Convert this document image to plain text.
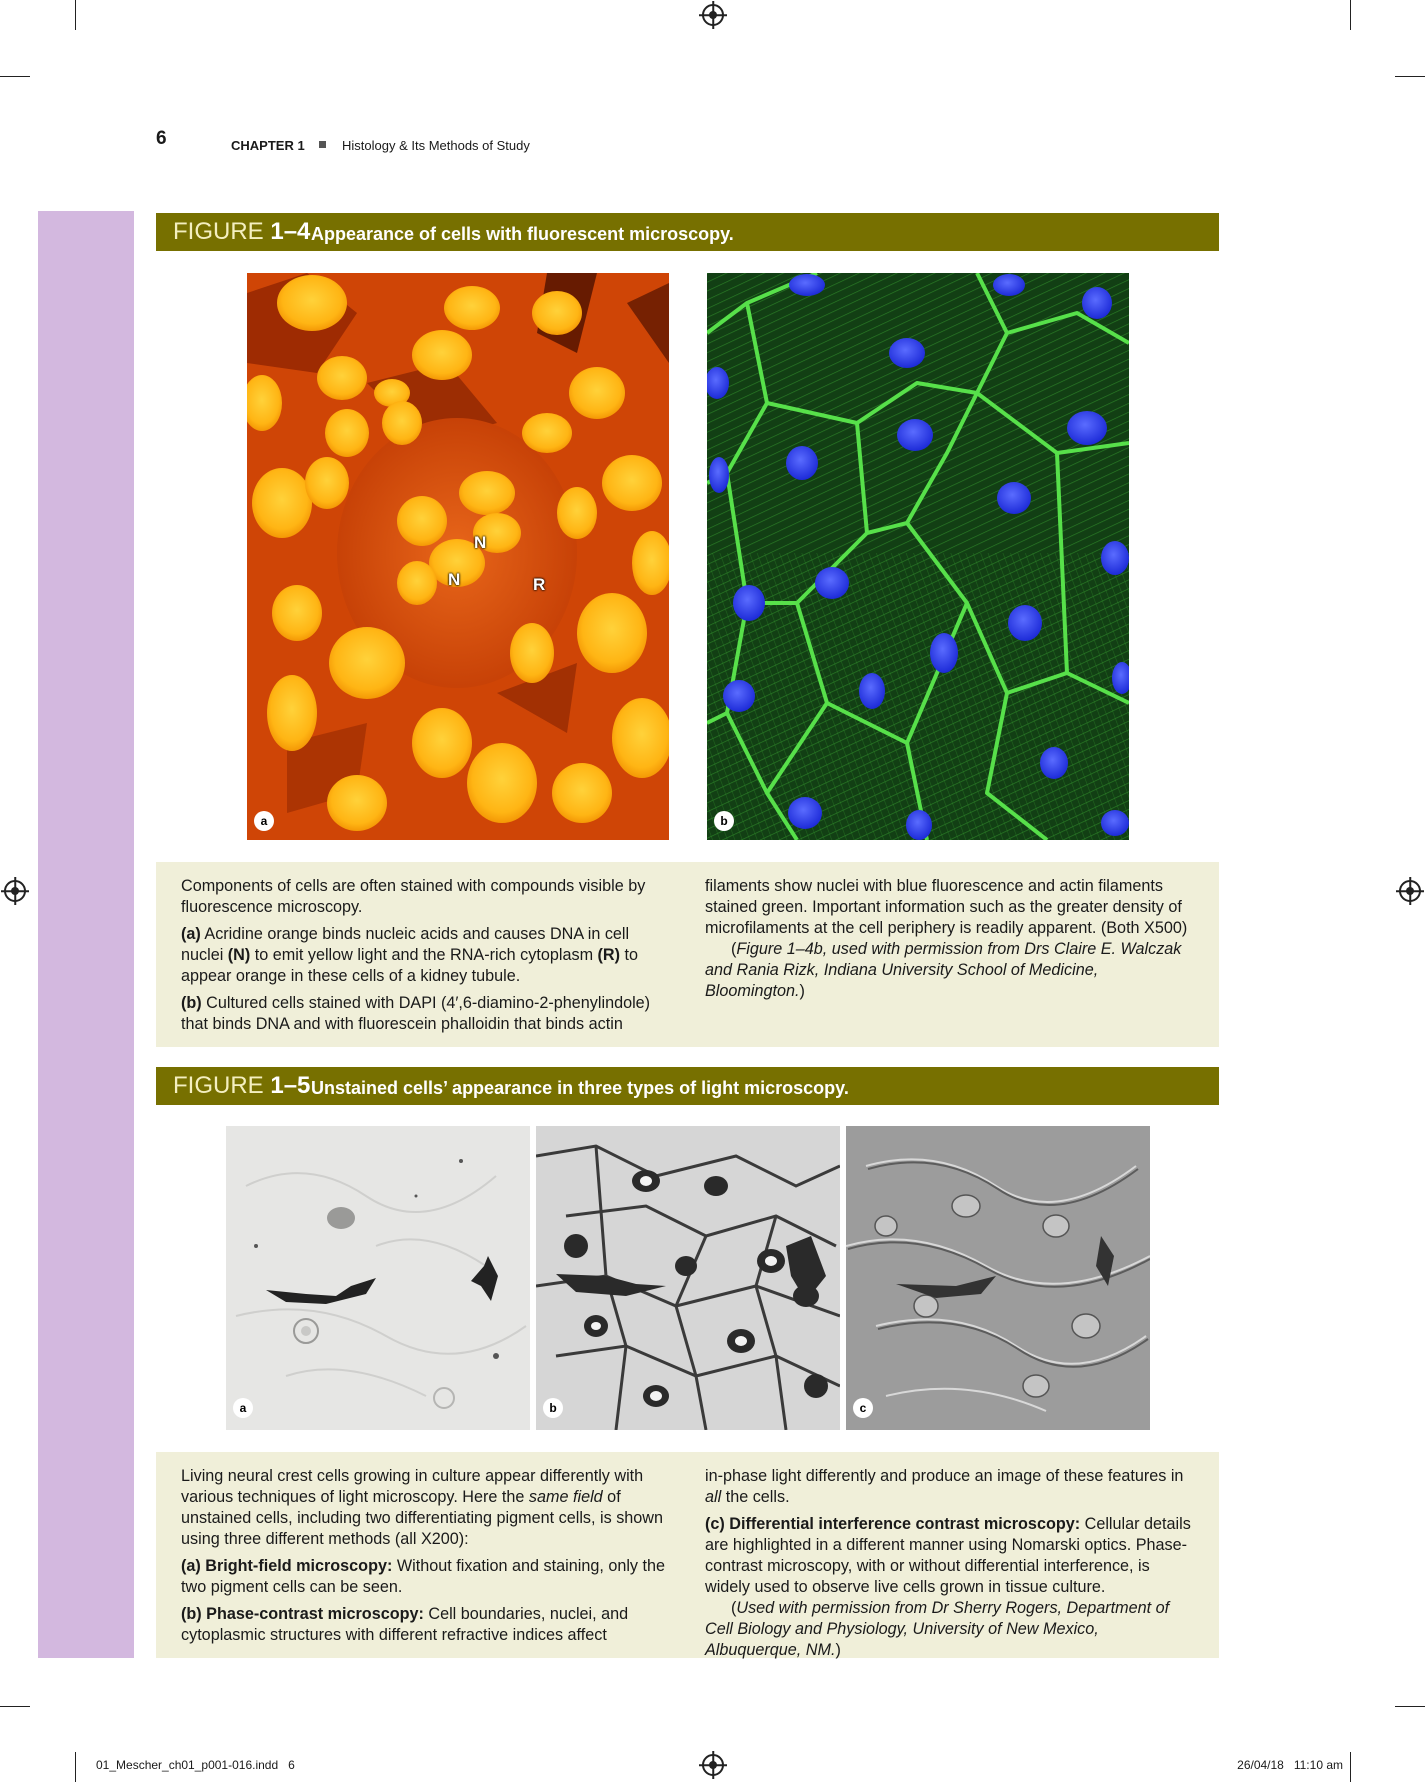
6	CHAPTER 1	Histology & Its Methods of Study
FIGURE 1–4 Appearance of cells with fluorescent microscopy.
N
N	R
a	b

Components of cells are often stained with compounds visible by fluorescence microscopy.

(a) Acridine orange binds nucleic acids and causes DNA in cell nuclei (N) to emit yellow light and the RNA-rich cytoplasm (R) to appear orange in these cells of a kidney tubule.

(b) Cultured cells stained with DAPI (4′,6-diamino-2-phenylindole) that binds DNA and with fluorescein phalloidin that binds actin

filaments show nuclei with blue fluorescence and actin filaments stained green. Important information such as the greater density of microfilaments at the cell periphery is readily apparent. (Both X500)

(Figure 1–4b, used with permission from Drs Claire E. Walczak and Rania Rizk, Indiana University School of Medicine, Bloomington.)

FIGURE 1–5 Unstained cells’ appearance in three types of light microscopy.
a	b	c

Living neural crest cells growing in culture appear differently with various techniques of light microscopy. Here the same field of unstained cells, including two differentiating pigment cells, is shown using three different methods (all X200):

(a) Bright-field microscopy: Without fixation and staining, only the two pigment cells can be seen.

(b) Phase-contrast microscopy: Cell boundaries, nuclei, and cytoplasmic structures with different refractive indices affect

in-phase light differently and produce an image of these features in all the cells.

(c) Differential interference contrast microscopy: Cellular details are highlighted in a different manner using Nomarski optics. Phase-contrast microscopy, with or without differential interference, is widely used to observe live cells grown in tissue culture.

(Used with permission from Dr Sherry Rogers, Department of Cell Biology and Physiology, University of New Mexico, Albuquerque, NM.)

01_Mescher_ch01_p001-016.indd   6	26/04/18   11:10 am
